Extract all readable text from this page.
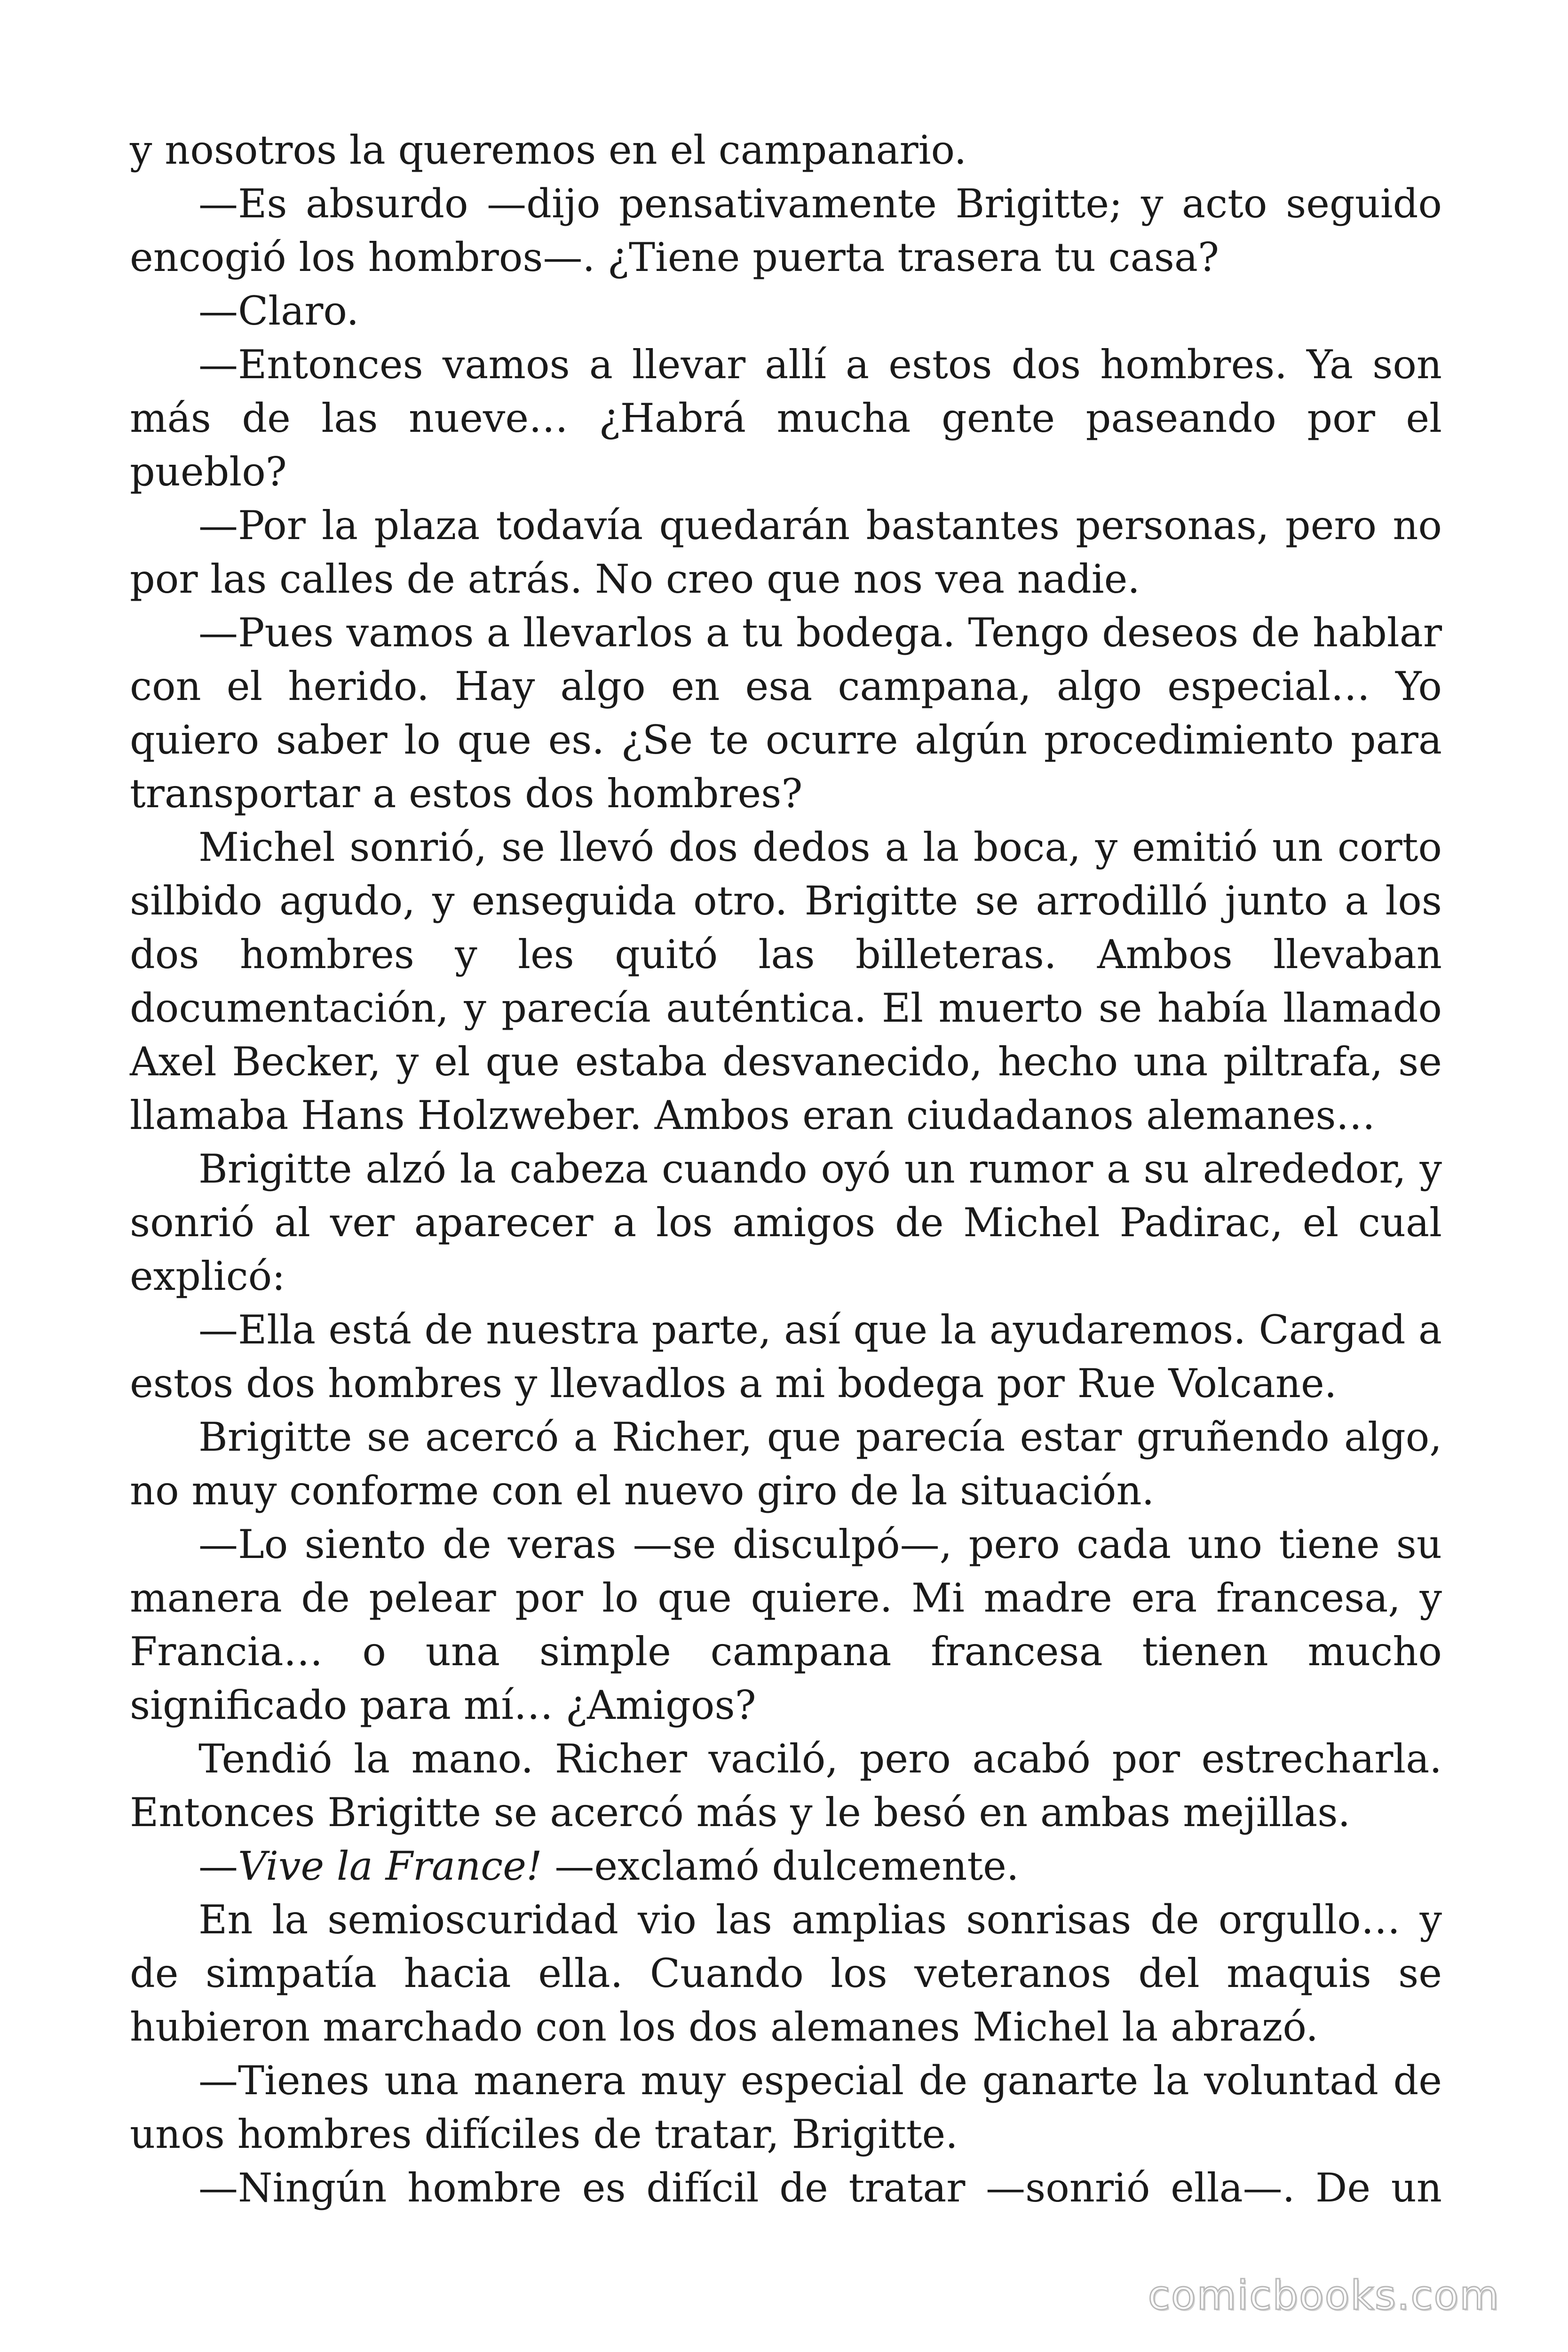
y nosotros la queremos en el campanario.

—Es absurdo —dijo pensativamente Brigitte; y acto seguido encogió los hombros—. ¿Tiene puerta trasera tu casa?

—Claro.

—Entonces vamos a llevar allí a estos dos hombres. Ya son más de las nueve… ¿Habrá mucha gente paseando por el pueblo?

—Por la plaza todavía quedarán bastantes personas, pero no por las calles de atrás. No creo que nos vea nadie.

—Pues vamos a llevarlos a tu bodega. Tengo deseos de hablar con el herido. Hay algo en esa campana, algo especial… Yo quiero saber lo que es. ¿Se te ocurre algún procedimiento para transportar a estos dos hombres?

Michel sonrió, se llevó dos dedos a la boca, y emitió un corto silbido agudo, y enseguida otro. Brigitte se arrodilló junto a los dos hombres y les quitó las billeteras. Ambos llevaban documentación, y parecía auténtica. El muerto se había llamado Axel Becker, y el que estaba desvanecido, hecho una piltrafa, se llamaba Hans Holzweber. Ambos eran ciudadanos alemanes…

Brigitte alzó la cabeza cuando oyó un rumor a su alrededor, y sonrió al ver aparecer a los amigos de Michel Padirac, el cual explicó:

—Ella está de nuestra parte, así que la ayudaremos. Cargad a estos dos hombres y llevadlos a mi bodega por Rue Volcane.

Brigitte se acercó a Richer, que parecía estar gruñendo algo, no muy conforme con el nuevo giro de la situación.

—Lo siento de veras —se disculpó—, pero cada uno tiene su manera de pelear por lo que quiere. Mi madre era francesa, y Francia… o una simple campana francesa tienen mucho significado para mí… ¿Amigos?

Tendió la mano. Richer vaciló, pero acabó por estrecharla. Entonces Brigitte se acercó más y le besó en ambas mejillas.

—Vive la France! —exclamó dulcemente.

En la semioscuridad vio las amplias sonrisas de orgullo… y de simpatía hacia ella. Cuando los veteranos del maquis se hubieron marchado con los dos alemanes Michel la abrazó.

—Tienes una manera muy especial de ganarte la voluntad de unos hombres difíciles de tratar, Brigitte.

—Ningún hombre es difícil de tratar —sonrió ella—. De un

comicbooks.com
